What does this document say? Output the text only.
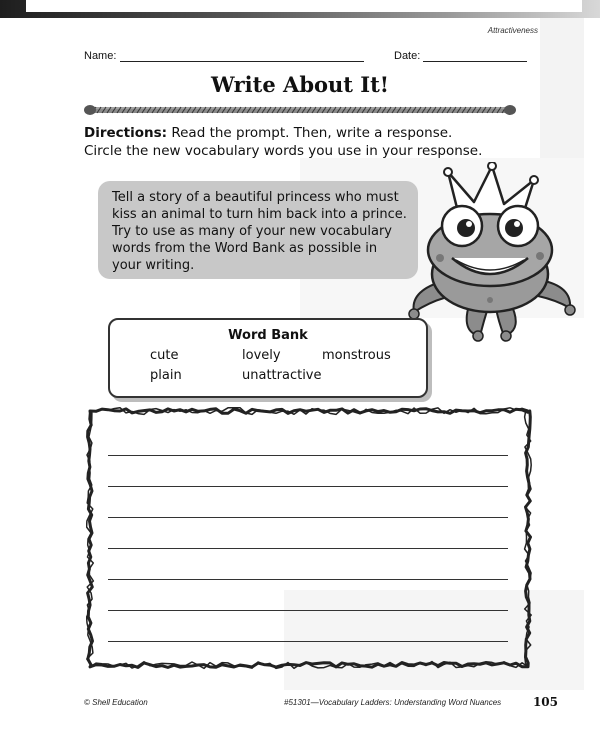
Attractiveness
Name:	Date:
Write About It!
Directions: Read the prompt. Then, write a response.
Circle the new vocabulary words you use in your response.
Tell a story of a beautiful princess who must
kiss an animal to turn him back into a prince.
Try to use as many of your new vocabulary
words from the Word Bank as possible in
your writing.
Word Bank
cute	lovely	monstrous
plain	unattractive
© Shell Education	#51301—Vocabulary Ladders: Understanding Word Nuances	105
